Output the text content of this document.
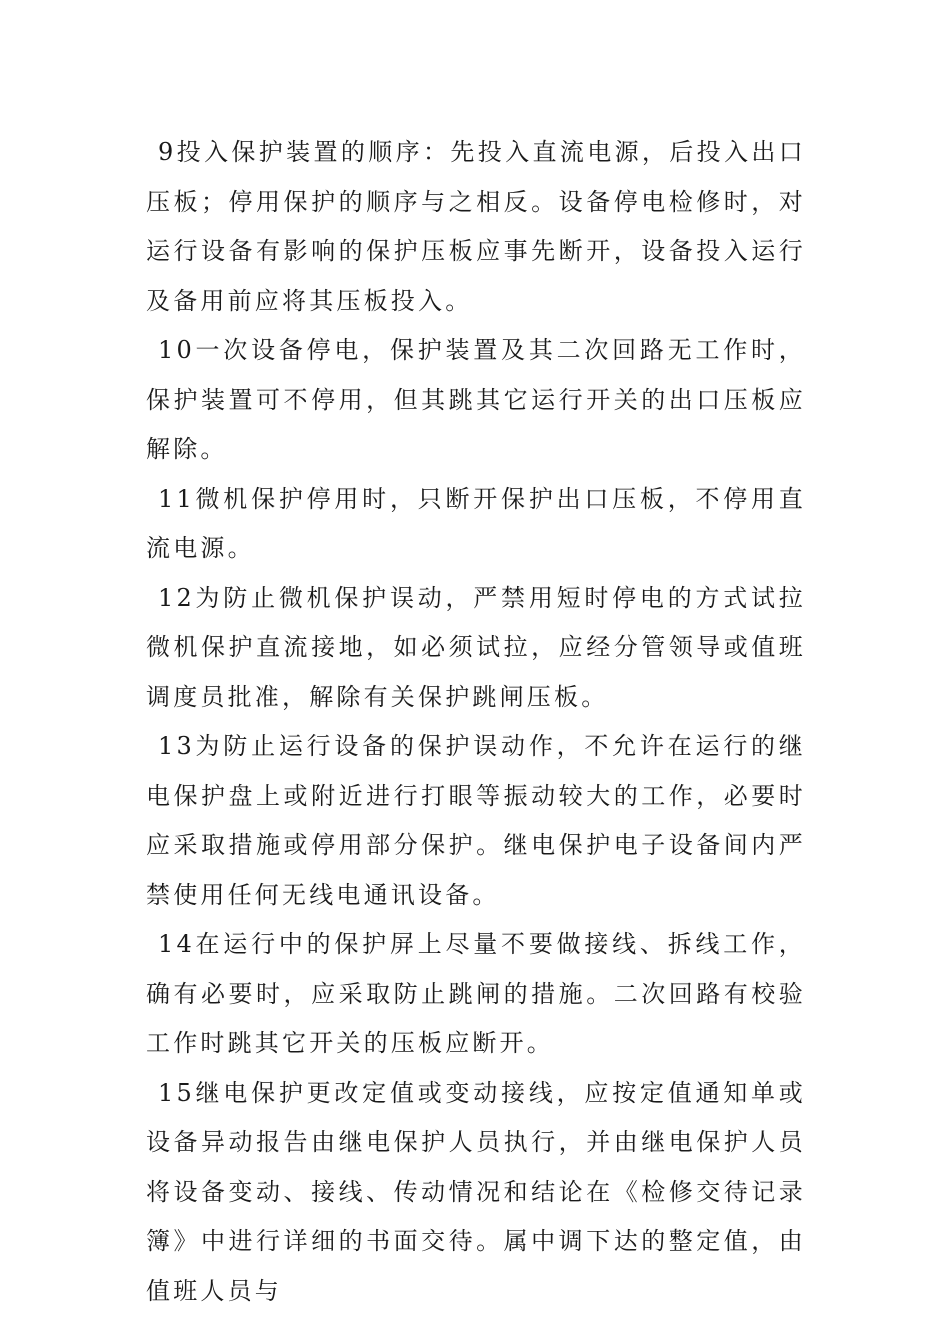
9投入保护装置的顺序：先投入直流电源，后投入出口压板；停用保护的顺序与之相反。设备停电检修时，对运行设备有影响的保护压板应事先断开，设备投入运行及备用前应将其压板投入。

10一次设备停电，保护装置及其二次回路无工作时，保护装置可不停用，但其跳其它运行开关的出口压板应解除。

11微机保护停用时，只断开保护出口压板，不停用直流电源。

12为防止微机保护误动，严禁用短时停电的方式试拉微机保护直流接地，如必须试拉，应经分管领导或值班调度员批准，解除有关保护跳闸压板。

13为防止运行设备的保护误动作，不允许在运行的继电保护盘上或附近进行打眼等振动较大的工作，必要时应采取措施或停用部分保护。继电保护电子设备间内严禁使用任何无线电通讯设备。

14在运行中的保护屏上尽量不要做接线、拆线工作，确有必要时，应采取防止跳闸的措施。二次回路有校验工作时跳其它开关的压板应断开。

15继电保护更改定值或变动接线，应按定值通知单或设备异动报告由继电保护人员执行，并由继电保护人员将设备变动、接线、传动情况和结论在《检修交待记录簿》中进行详细的书面交待。属中调下达的整定值，由值班人员与
